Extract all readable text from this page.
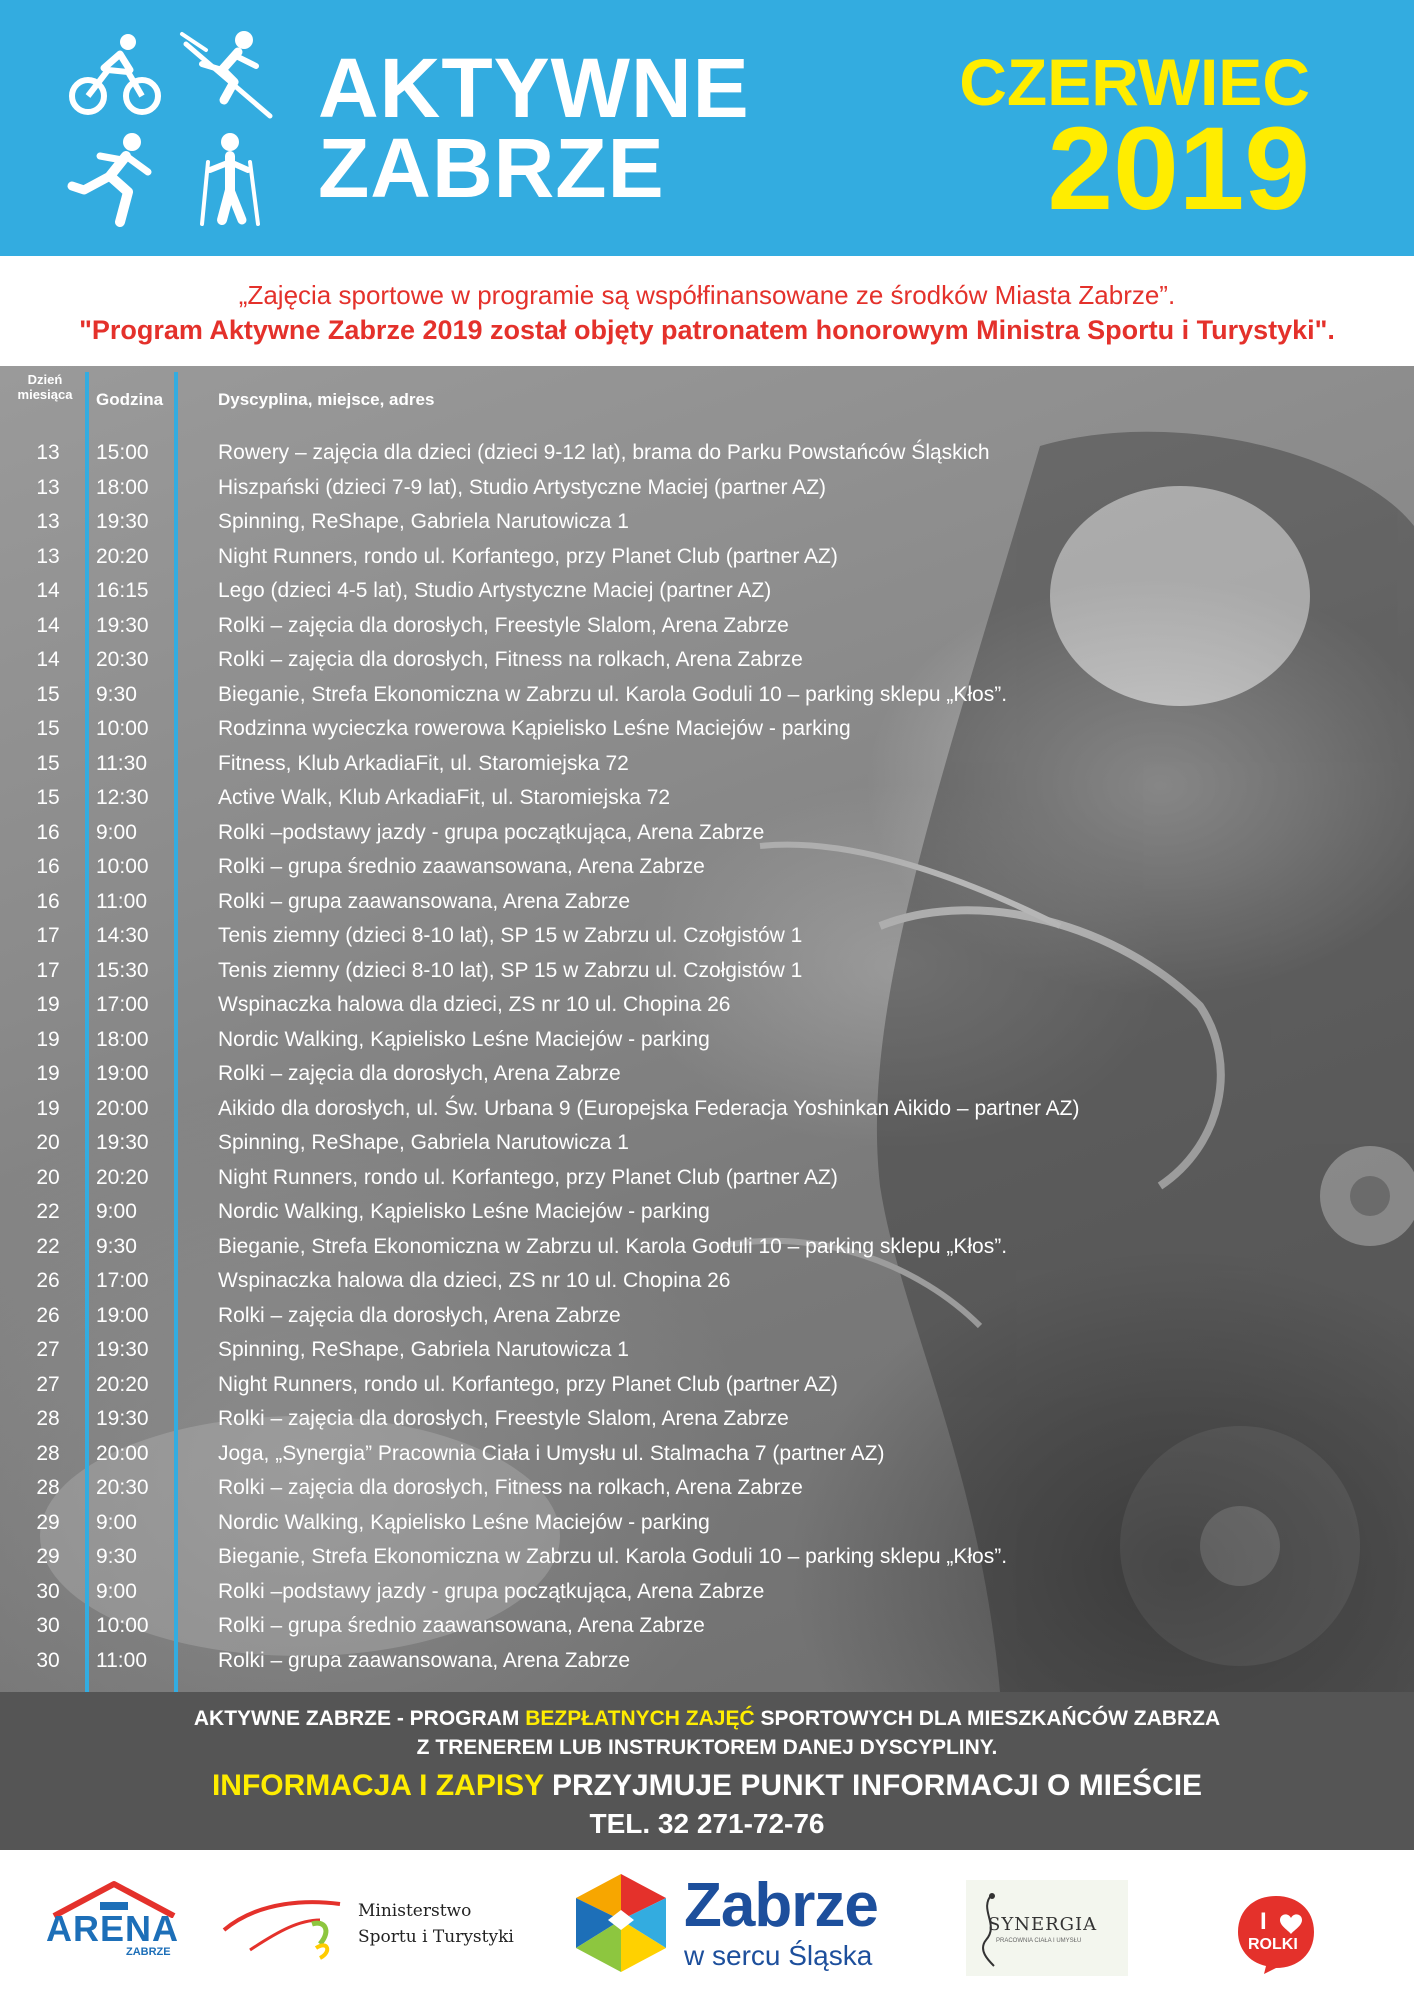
AKTYWNE
ZABRZE
CZERWIEC
2019
„Zajęcia sportowe w programie są współfinansowane ze środków Miasta Zabrze”.
"Program Aktywne Zabrze 2019 został objęty patronatem honorowym Ministra Sportu i Turystyki".
Dzień
miesiąca	Godzina	Dyscyplina, miejsce, adres
13	15:00	Rowery – zajęcia dla dzieci (dzieci 9-12 lat), brama do Parku Powstańców Śląskich
13	18:00	Hiszpański (dzieci 7-9 lat), Studio Artystyczne Maciej (partner AZ)
13	19:30	Spinning, ReShape, Gabriela Narutowicza 1
13	20:20	Night Runners, rondo ul. Korfantego, przy Planet Club (partner AZ)
14	16:15	Lego (dzieci 4-5 lat), Studio Artystyczne Maciej (partner AZ)
14	19:30	Rolki – zajęcia dla dorosłych, Freestyle Slalom, Arena Zabrze
14	20:30	Rolki – zajęcia dla dorosłych, Fitness na rolkach, Arena Zabrze
15	9:30	Bieganie, Strefa Ekonomiczna w Zabrzu ul. Karola Goduli 10 – parking sklepu „Kłos”.
15	10:00	Rodzinna wycieczka rowerowa Kąpielisko Leśne Maciejów - parking
15	11:30	Fitness, Klub ArkadiaFit, ul. Staromiejska 72
15	12:30	Active Walk, Klub ArkadiaFit, ul. Staromiejska 72
16	9:00	Rolki –podstawy jazdy - grupa początkująca, Arena Zabrze
16	10:00	Rolki – grupa średnio zaawansowana, Arena Zabrze
16	11:00	Rolki – grupa zaawansowana, Arena Zabrze
17	14:30	Tenis ziemny (dzieci 8-10 lat), SP 15 w Zabrzu ul. Czołgistów 1
17	15:30	Tenis ziemny (dzieci 8-10 lat), SP 15 w Zabrzu ul. Czołgistów 1
19	17:00	Wspinaczka halowa dla dzieci, ZS nr 10 ul. Chopina 26
19	18:00	Nordic Walking, Kąpielisko Leśne Maciejów - parking
19	19:00	Rolki – zajęcia dla dorosłych, Arena Zabrze
19	20:00	Aikido dla dorosłych, ul. Św. Urbana 9 (Europejska Federacja Yoshinkan Aikido – partner AZ)
20	19:30	Spinning, ReShape, Gabriela Narutowicza 1
20	20:20	Night Runners, rondo ul. Korfantego, przy Planet Club (partner AZ)
22	9:00	Nordic Walking, Kąpielisko Leśne Maciejów - parking
22	9:30	Bieganie, Strefa Ekonomiczna w Zabrzu ul. Karola Goduli 10 – parking sklepu „Kłos”.
26	17:00	Wspinaczka halowa dla dzieci, ZS nr 10 ul. Chopina 26
26	19:00	Rolki – zajęcia dla dorosłych, Arena Zabrze
27	19:30	Spinning, ReShape, Gabriela Narutowicza 1
27	20:20	Night Runners, rondo ul. Korfantego, przy Planet Club (partner AZ)
28	19:30	Rolki – zajęcia dla dorosłych, Freestyle Slalom, Arena Zabrze
28	20:00	Joga, „Synergia” Pracownia Ciała i Umysłu ul. Stalmacha 7 (partner AZ)
28	20:30	Rolki – zajęcia dla dorosłych, Fitness na rolkach, Arena Zabrze
29	9:00	Nordic Walking, Kąpielisko Leśne Maciejów - parking
29	9:30	Bieganie, Strefa Ekonomiczna w Zabrzu ul. Karola Goduli 10 – parking sklepu „Kłos”.
30	9:00	Rolki –podstawy jazdy - grupa początkująca, Arena Zabrze
30	10:00	Rolki – grupa średnio zaawansowana, Arena Zabrze
30	11:00	Rolki – grupa zaawansowana, Arena Zabrze
AKTYWNE ZABRZE - PROGRAM BEZPŁATNYCH ZAJĘĆ SPORTOWYCH DLA MIESZKAŃCÓW ZABRZA
Z TRENEREM LUB INSTRUKTOREM DANEJ DYSCYPLINY.
INFORMACJA I ZAPISY PRZYJMUJE PUNKT INFORMACJI O MIEŚCIE
TEL. 32 271-72-76
ARENA
ZABRZE
Ministerstwo
Sportu i Turystyki	Zabrze
w sercu Śląska
SYNERGIA
PRACOWNIA CIAŁA I UMYSŁU
I
ROLKI
